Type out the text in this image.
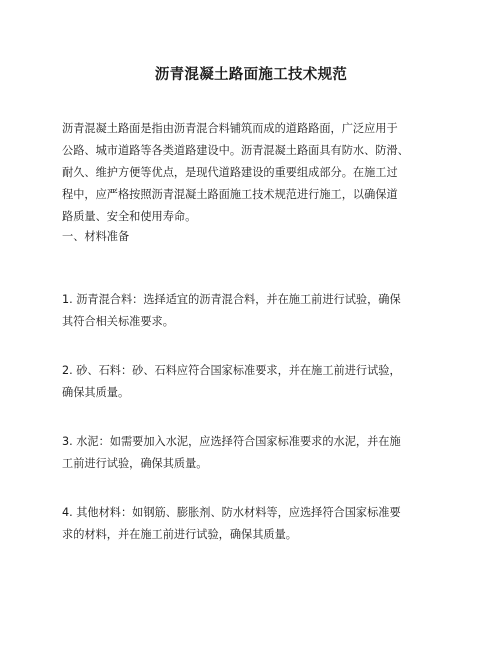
沥青混凝土路面施工技术规范

沥青混凝土路面是指由沥青混合料铺筑而成的道路路面，广泛应用于
公路、城市道路等各类道路建设中。沥青混凝土路面具有防水、防滑、
耐久、维护方便等优点，是现代道路建设的重要组成部分。在施工过
程中，应严格按照沥青混凝土路面施工技术规范进行施工，以确保道
路质量、安全和使用寿命。

一、材料准备

1. 沥青混合料：选择适宜的沥青混合料，并在施工前进行试验，确保
其符合相关标准要求。

2. 砂、石料：砂、石料应符合国家标准要求，并在施工前进行试验，
确保其质量。

3. 水泥：如需要加入水泥，应选择符合国家标准要求的水泥，并在施
工前进行试验，确保其质量。

4. 其他材料：如钢筋、膨胀剂、防水材料等，应选择符合国家标准要
求的材料，并在施工前进行试验，确保其质量。
